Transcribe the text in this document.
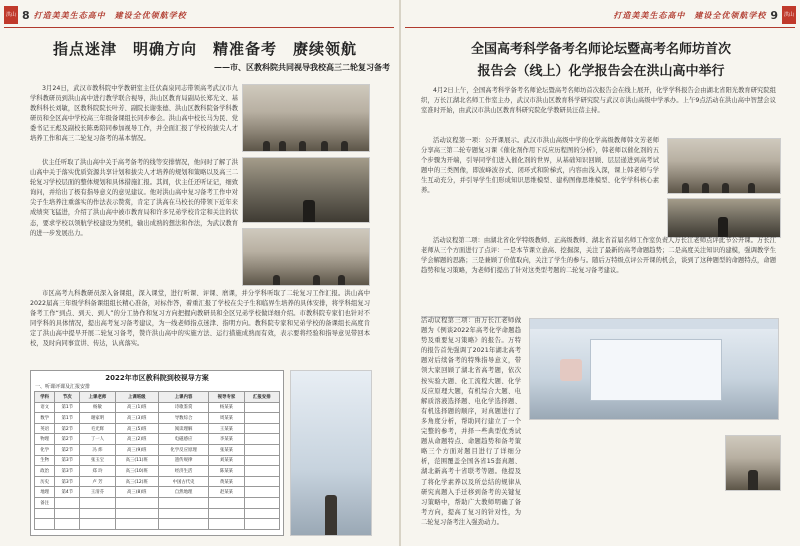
洪山 8 打造美美生态高中　建设全优领航学校
指点迷津　明确方向　精准备考　赓续领航
——市、区教科院共同视导我校高三二轮复习备考

3月24日，武汉市教科院中学教研室主任伏森泉同志带领高考武汉市九学科教研员到洪山高中进行教学联合视导，洪山区教育局副局长郑光文、基教科科长刘敏，区教科院院长叶芳、副院长谢张德、洪山区教科院备学科教研员和全区高中学校高三年级备课组长同步参会。洪山高中校长马为民、党委书记王彪及副校长陈勇陪同参加视导工作，并全面汇报了学校的拔尖人才培养工作和高三二轮复习备考的基本情况。

伏主任听取了洪山高中关于高考备考的线等安排情况，他问时了解了洪山高中关于落实优质资源共享计划和拔尖人才培养的规划和策略以及高三二轮复习学校层面的整体规划和具体措施汇报。其间，伏主任还听证记，细致询问，并给出了极有指导意义的意见建议。他对洪山高中复习备考工作中对尖子生培养注重落实的作法表示赞赏，肯定了洪高在马校长的带领下近年来成绩突飞猛进，介绍了洪山高中被市教育局和许多兄弟学校肯定和关注的状态，要求学校以领航学校建设为契机，输出成熟的想法和作法，为武汉教育的进一步发展出力。

市区高考九科教研员深入备课组，深入课堂，进行听课、评课、磨课，并分学科听取了二轮复习工作汇报。洪山高中2022届高三年级学科备课组组长精心准备，对标作答，着重汇报了学校在尖子生和临界生培养的具体安排，将学科组复习备考工作“到点、到天、到人”的分工协作和复习方向把握向教研员和全区兄弟学校做详细介绍。市教科院专家们也针对不同学科的具体情况，提出高考复习备考建议，为一线老师指点迷津、指明方向。教科院专家和兄弟学校的备课组长高度肯定了洪山高中提早开展二轮复习备考，赞许洪山高中的实施方法、运行措施成熟而有效，表示要将经验和指导意见带回本校，及时向同事宣讲、传达，认真落实。

2022年市区教科院到校视导方案
一、听课评课及汇报安排
学科	节次	上课老师	上课班级	上课内容	视导专家	汇报安排
语文	第1节	杨敏	高三(1)班	诗歌鉴赏	杨某某	
数学	第1节	谢家明	高三(3)班	导数综合	周某某	
英语	第2节	毛光辉	高三(5)班	阅读理解	王某某	
物理	第2节	丁一人	高三(2)班	电磁感应	李某某	
化学	第2节	冯 炜	高三(9)班	化学反应原理	张某某	
生物	第3节	张玉宝	高三(11)班	遗传规律	刘某某	
政治	第3节	郑 玲	高三(10)班	经济生活	陈某某	
历史	第3节	卢 芳	高三(12)班	中国古代史	黄某某	
地理	第4节	王清芬	高三(8)班	自然地理	赵某某	
备注						

打造美美生态高中　建设全优领航学校 9	洪山
全国高考科学备考名师论坛暨高考名师坊首次
报告会（线上）化学报告会在洪山高中举行

4月2日上午，全国高考科学备考名师论坛暨高考名师坊首次报告会在线上展开，化学学科报告会由湖北省阳光教育研究院组织，万长江湖北名师工作室主办，武汉市洪山区教育科学研究院与武汉市洪山高级中学承办。上午9点活动在洪山高中智慧会议室准时开始，由武汉市洪山区教育科研究院化学教研员汪蓓主持。

活动议程第一项：公开课展示。武汉市洪山高级中学的化学高级教师韩文芳老师分享高三第二轮专题复习课《催化剂作用下反应历程图的分析》，韩老师以催化剂的五个步骤为开端，引导同学们进入催化剂的世界，从基础知识回顾、层层递进到高考试题中的三类图像，即波峰波谷式、闭环式和阶梯式，内容由浅入深，课上韩老师与学生互动充分，并引导学生们形成知识思维模型、建构图像思维模型、化学学科核心素养。

活动议程第二项：由湖北省化学特级教师、正高级教师、湖北省首届名师工作室负责人万长江老师点评此节公开课。万长江老师从三个方面进行了点评：一是本节课立意高、挖掘深，关注了最新的高考命题趋势；二是高度关注知识的建模，强调教学生学会解题的思路；三是兼顾了价值取向，关注了学生的参与。随后万特级点评公开课的机会，谈到了这种题型的命题特点，命题趋势和复习策略，为老师们提出了针对这类型考题的二轮复习备考建议。

活动议程第三项：由万长江老师做题为《例谈2022年高考化学命题趋势及重要复习策略》的报告。万特的报告首先强调了2021年湖北高考题对后续备考的特殊指导意义，带领大家回顾了湖北省高考题，依次按实验大题、化工流程大题、化学反应原理大题，有机综合大题、电解质溶液选择题、电化学选择题、有机选择题的顺序，对真题进行了多角度分析，帮助同行建立了一个完整的参考，并择一些典型优秀试题从命题特点、命题趋势和备考策略三个方面对题目进行了详细分析，范围覆盖全国各省15套真题、湖北新高考十省联考等题。他提及了将化学素养以及所总结的规律从研究真题入手迁移到备考的关键复习策略中，帮助广大教师明确了备考方向，提高了复习的针对性，为二轮复习备考注入强劲动力。
